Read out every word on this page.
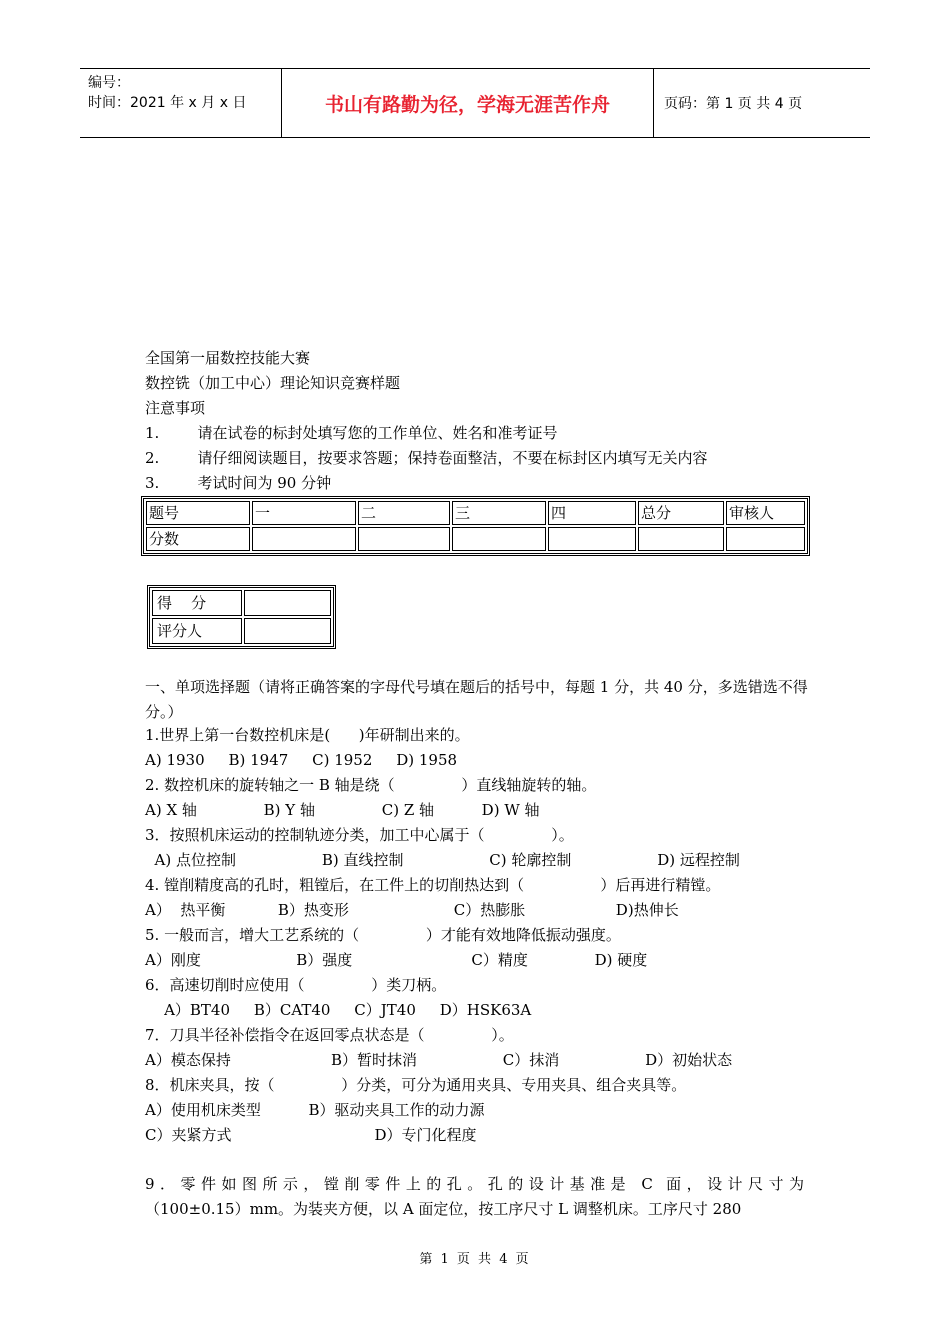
编号：
时间：2021 年 x 月 x 日	书山有路勤为径，学海无涯苦作舟	页码：第 1 页 共 4 页
全国第一届数控技能大赛
数控铣（加工中心）理论知识竞赛样题
注意事项
1.        请在试卷的标封处填写您的工作单位、姓名和准考证号
2.        请仔细阅读题目，按要求答题；保持卷面整洁，不要在标封区内填写无关内容
3.        考试时间为 90 分钟
题号	一	二	三	四	总分	审核人
分数						
得    分	
评分人	
一、单项选择题（请将正确答案的字母代号填在题后的括号中，每题 1 分，共 40 分，多选错选不得分。）
1.世界上第一台数控机床是(      )年研制出来的。
A) 1930     B) 1947     C) 1952     D) 1958
2. 数控机床的旋转轴之一 B 轴是绕（              ）直线轴旋转的轴。
A) X 轴              B) Y 轴              C) Z 轴          D) W 轴
3．按照机床运动的控制轨迹分类，加工中心属于（              ）。
A) 点位控制                  B) 直线控制                  C) 轮廓控制                  D) 远程控制
4. 镗削精度高的孔时，粗镗后，在工件上的切削热达到（                ）后再进行精镗。
A）  热平衡           B）热变形                      C）热膨胀                   D)热伸长
5. 一般而言，增大工艺系统的（              ）才能有效地降低振动强度。
A）刚度                    B）强度                         C）精度              D) 硬度
6．高速切削时应使用（              ）类刀柄。
A）BT40     B）CAT40     C）JT40     D）HSK63A
7．刀具半径补偿指令在返回零点状态是（              ）。
A）模态保持                     B）暂时抹消                  C）抹消                  D）初始状态
8．机床夹具，按（              ）分类，可分为通用夹具、专用夹具、组合夹具等。
A）使用机床类型          B）驱动夹具工作的动力源
C）夹紧方式                              D）专门化程度
9．零件如图所示，镗削零件上的孔。孔的设计基准是 C 面，设计尺寸为
（100±0.15）mm。为装夹方便，以 A 面定位，按工序尺寸 L 调整机床。工序尺寸 280
第 1 页 共 4 页
